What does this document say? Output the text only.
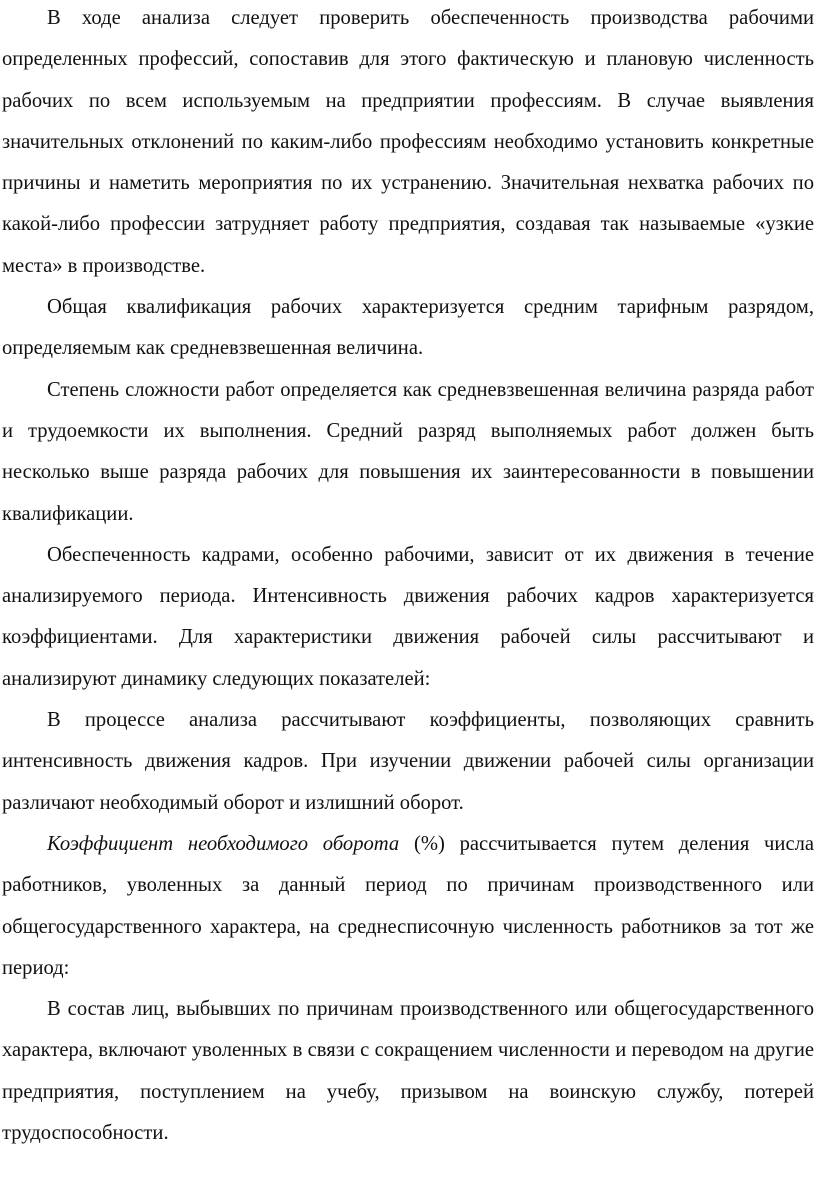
В ходе анализа следует проверить обеспеченность производства рабочими определенных профессий, сопоставив для этого фактическую и плановую численность рабочих по всем используемым на предприятии профессиям. В случае выявления значительных отклонений по каким-либо профессиям необходимо установить конкретные причины и наметить мероприятия по их устранению. Значительная нехватка рабочих по какой-либо профессии затрудняет работу предприятия, создавая так называемые «узкие места» в производстве.

Общая квалификация рабочих характеризуется средним тарифным разрядом, определяемым как средневзвешенная величина.

Степень сложности работ определяется как средневзвешенная величина разряда работ и трудоемкости их выполнения. Средний разряд выполняемых работ должен быть несколько выше разряда рабочих для повышения их заинтересованности в повышении квалификации.

Обеспеченность кадрами, особенно рабочими, зависит от их движения в течение анализируемого периода. Интенсивность движения рабочих кадров характеризуется коэффициентами. Для характеристики движения рабочей силы рассчитывают и анализируют динамику следующих показателей:

В процессе анализа рассчитывают коэффициенты, позволяющих сравнить интенсивность движения кадров. При изучении движении рабочей силы организации различают необходимый оборот и излишний оборот.

Коэффициент необходимого оборота (%) рассчитывается путем деления числа работников, уволенных за данный период по причинам производственного или общегосударственного характера, на среднесписочную численность работников за тот же период:

В состав лиц, выбывших по причинам производственного или общегосударственного характера, включают уволенных в связи с сокращением численности и переводом на другие предприятия, поступлением на учебу, призывом на воинскую службу, потерей трудоспособности.
